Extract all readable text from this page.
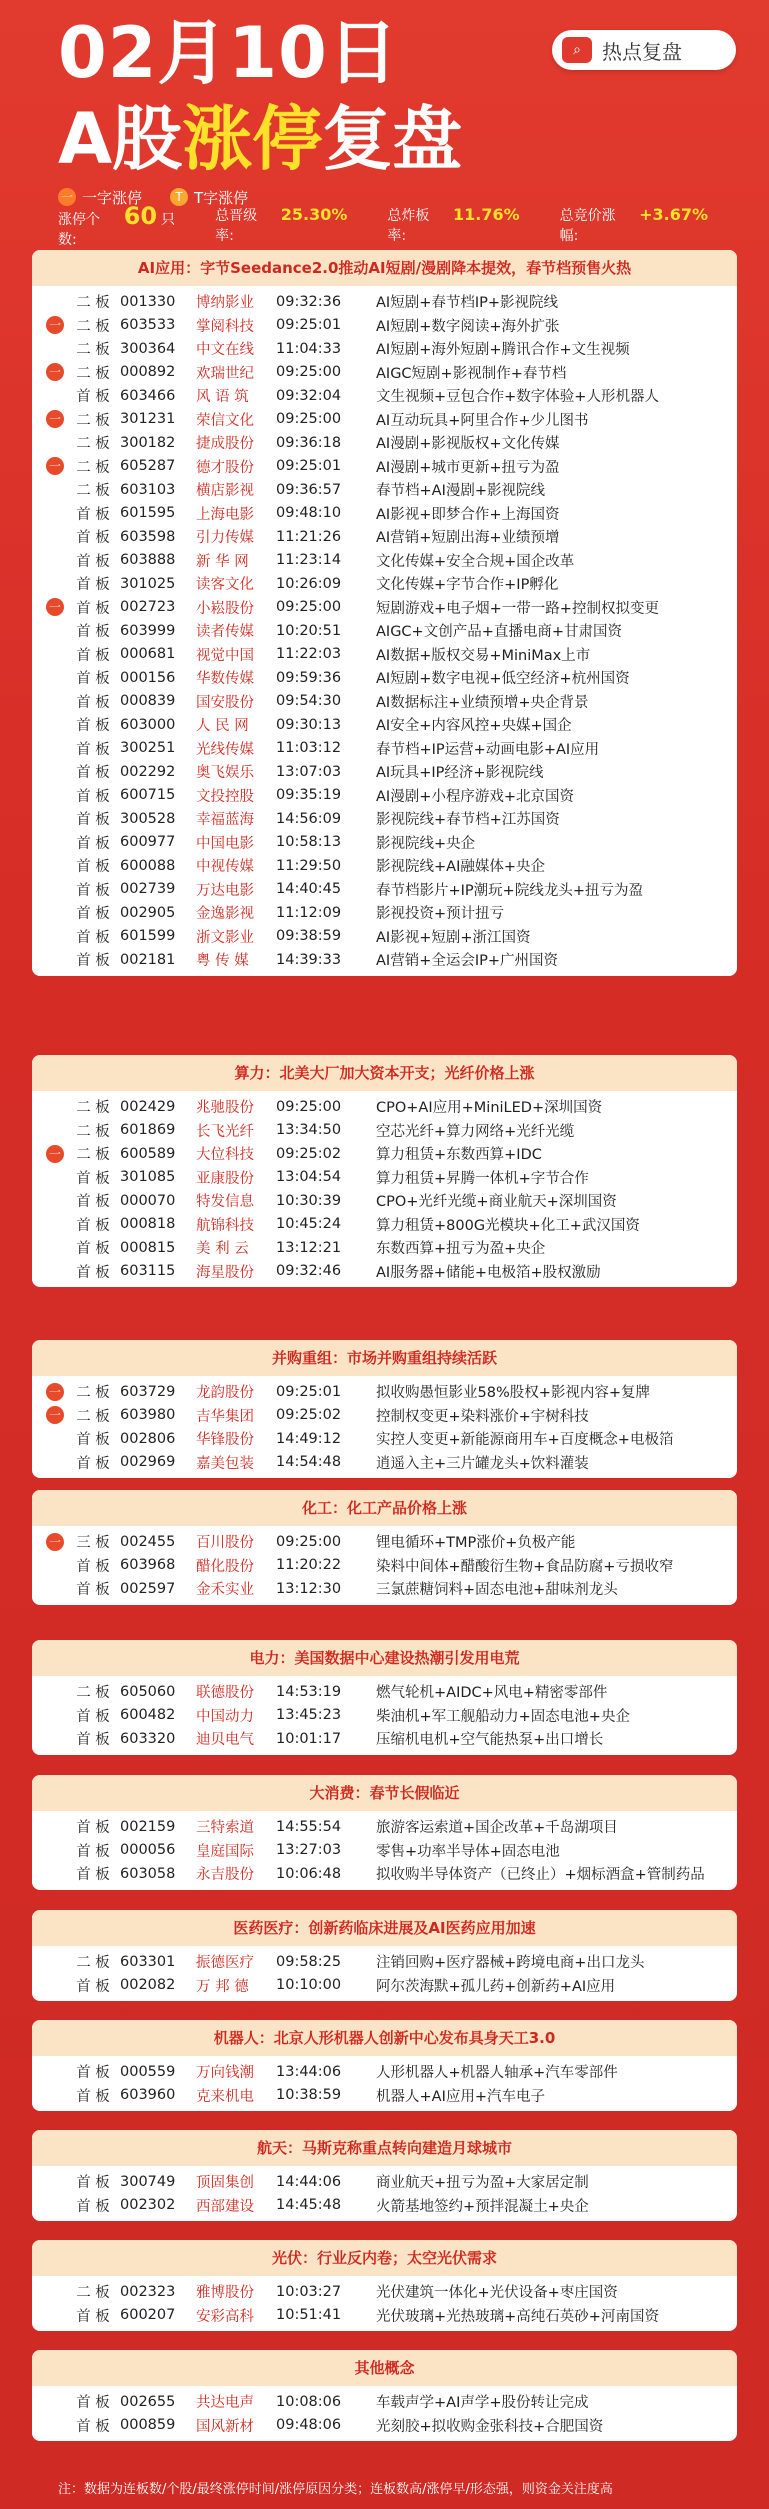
02月10日
A股涨停复盘
⌕	热点复盘
一 一字涨停	T T字涨停
涨停个数:
60 只	总晋级率:
25.30%	总炸板率:
11.76%	总竞价涨幅:
+3.67%
AI应用：字节Seedance2.0推动AI短剧/漫剧降本提效，春节档预售火热
二 板 001330	博纳影业	09:32:36	AI短剧+春节档IP+影视院线
一	二 板 603533	掌阅科技	09:25:01	AI短剧+数字阅读+海外扩张
二 板 300364	中文在线	11:04:33	AI短剧+海外短剧+腾讯合作+文生视频
一	二 板 000892	欢瑞世纪	09:25:00	AIGC短剧+影视制作+春节档
首 板 603466	风 语 筑	09:32:04	文生视频+豆包合作+数字体验+人形机器人
一	二 板 301231	荣信文化	09:25:00	AI互动玩具+阿里合作+少儿图书
二 板 300182	捷成股份	09:36:18	AI漫剧+影视版权+文化传媒
一	二 板 605287	德才股份	09:25:01	AI漫剧+城市更新+扭亏为盈
二 板 603103	横店影视	09:36:57	春节档+AI漫剧+影视院线
首 板 601595	上海电影	09:48:10	AI影视+即梦合作+上海国资
首 板 603598	引力传媒	11:21:26	AI营销+短剧出海+业绩预增
首 板 603888	新 华 网	11:23:14	文化传媒+安全合规+国企改革
首 板 301025	读客文化	10:26:09	文化传媒+字节合作+IP孵化
一	首 板 002723	小崧股份	09:25:00	短剧游戏+电子烟+一带一路+控制权拟变更
首 板 603999	读者传媒	10:20:51	AIGC+文创产品+直播电商+甘肃国资
首 板 000681	视觉中国	11:22:03	AI数据+版权交易+MiniMax上市
首 板 000156	华数传媒	09:59:36	AI短剧+数字电视+低空经济+杭州国资
首 板 000839	国安股份	09:54:30	AI数据标注+业绩预增+央企背景
首 板 603000	人 民 网	09:30:13	AI安全+内容风控+央媒+国企
首 板 300251	光线传媒	11:03:12	春节档+IP运营+动画电影+AI应用
首 板 002292	奥飞娱乐	13:07:03	AI玩具+IP经济+影视院线
首 板 600715	文投控股	09:35:19	AI漫剧+小程序游戏+北京国资
首 板 300528	幸福蓝海	14:56:09	影视院线+春节档+江苏国资
首 板 600977	中国电影	10:58:13	影视院线+央企
首 板 600088	中视传媒	11:29:50	影视院线+AI融媒体+央企
首 板 002739	万达电影	14:40:45	春节档影片+IP潮玩+院线龙头+扭亏为盈
首 板 002905	金逸影视	11:12:09	影视投资+预计扭亏
首 板 601599	浙文影业	09:38:59	AI影视+短剧+浙江国资
首 板 002181	粤 传 媒	14:39:33	AI营销+全运会IP+广州国资
算力：北美大厂加大资本开支；光纤价格上涨
二 板 002429	兆驰股份	09:25:00	CPO+AI应用+MiniLED+深圳国资
二 板 601869	长飞光纤	13:34:50	空芯光纤+算力网络+光纤光缆
一	二 板 600589	大位科技	09:25:02	算力租赁+东数西算+IDC
首 板 301085	亚康股份	13:04:54	算力租赁+昇腾一体机+字节合作
首 板 000070	特发信息	10:30:39	CPO+光纤光缆+商业航天+深圳国资
首 板 000818	航锦科技	10:45:24	算力租赁+800G光模块+化工+武汉国资
首 板 000815	美 利 云	13:12:21	东数西算+扭亏为盈+央企
首 板 603115	海星股份	09:32:46	AI服务器+储能+电极箔+股权激励
并购重组：市场并购重组持续活跃
一	二 板 603729	龙韵股份	09:25:01	拟收购愚恒影业58%股权+影视内容+复牌
一	二 板 603980	吉华集团	09:25:02	控制权变更+染料涨价+宇树科技
首 板 002806	华锋股份	14:49:12	实控人变更+新能源商用车+百度概念+电极箔
首 板 002969	嘉美包装	14:54:48	逍遥入主+三片罐龙头+饮料灌装
化工：化工产品价格上涨
一	三 板 002455	百川股份	09:25:00	锂电循环+TMP涨价+负极产能
首 板 603968	醋化股份	11:20:22	染料中间体+醋酸衍生物+食品防腐+亏损收窄
首 板 002597	金禾实业	13:12:30	三氯蔗糖饲料+固态电池+甜味剂龙头
电力：美国数据中心建设热潮引发用电荒
二 板 605060	联德股份	14:53:19	燃气轮机+AIDC+风电+精密零部件
首 板 600482	中国动力	13:45:23	柴油机+军工舰船动力+固态电池+央企
首 板 603320	迪贝电气	10:01:17	压缩机电机+空气能热泵+出口增长
大消费：春节长假临近
首 板 002159	三特索道	14:55:54	旅游客运索道+国企改革+千岛湖项目
首 板 000056	皇庭国际	13:27:03	零售+功率半导体+固态电池
首 板 603058	永吉股份	10:06:48	拟收购半导体资产（已终止）+烟标酒盒+管制药品
医药医疗：创新药临床进展及AI医药应用加速
二 板 603301	振德医疗	09:58:25	注销回购+医疗器械+跨境电商+出口龙头
首 板 002082	万 邦 德	10:10:00	阿尔茨海默+孤儿药+创新药+AI应用
机器人：北京人形机器人创新中心发布具身天工3.0
首 板 000559	万向钱潮	13:44:06	人形机器人+机器人轴承+汽车零部件
首 板 603960	克来机电	10:38:59	机器人+AI应用+汽车电子
航天：马斯克称重点转向建造月球城市
首 板 300749	顶固集创	14:44:06	商业航天+扭亏为盈+大家居定制
首 板 002302	西部建设	14:45:48	火箭基地签约+预拌混凝土+央企
光伏：行业反内卷；太空光伏需求
二 板 002323	雅博股份	10:03:27	光伏建筑一体化+光伏设备+枣庄国资
首 板 600207	安彩高科	10:51:41	光伏玻璃+光热玻璃+高纯石英砂+河南国资
其他概念
首 板 002655	共达电声	10:08:06	车载声学+AI声学+股份转让完成
首 板 000859	国风新材	09:48:06	光刻胶+拟收购金张科技+合肥国资
注：数据为连板数/个股/最终涨停时间/涨停原因分类；连板数高/涨停早/形态强，则资金关注度高
